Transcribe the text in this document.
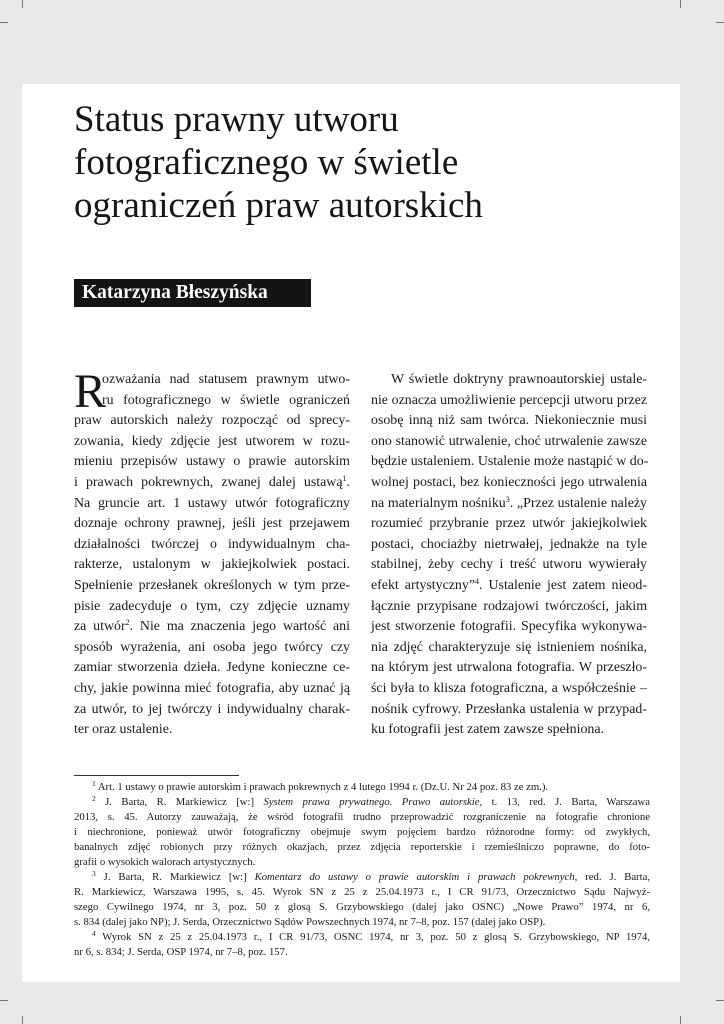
Status prawny utworu
fotograficznego w świetle
ograniczeń praw autorskich
Katarzyna Błeszyńska
R
ozważania nad statusem prawnym utwo-
ru fotograficznego w świetle ograniczeń
praw autorskich należy rozpocząć od sprecy-
zowania, kiedy zdjęcie jest utworem w rozu-
mieniu przepisów ustawy o prawie autorskim
i prawach pokrewnych, zwanej dalej ustawą$^1$.
Na gruncie art. 1 ustawy utwór fotograficzny
doznaje ochrony prawnej, jeśli jest przejawem
działalności twórczej o indywidualnym cha-
rakterze, ustalonym w jakiejkolwiek postaci.
Spełnienie przesłanek określonych w tym prze-
pisie zadecyduje o tym, czy zdjęcie uznamy
za utwór$^2$. Nie ma znaczenia jego wartość ani
sposób wyrażenia, ani osoba jego twórcy czy
zamiar stworzenia dzieła. Jedyne konieczne ce-
chy, jakie powinna mieć fotografia, aby uznać ją
za utwór, to jej twórczy i indywidualny charak-
ter oraz ustalenie.
W świetle doktryny prawnoautorskiej ustale-
nie oznacza umożliwienie percepcji utworu przez
osobę inną niż sam twórca. Niekoniecznie musi
ono stanowić utrwalenie, choć utrwalenie zawsze
będzie ustaleniem. Ustalenie może nastąpić w do-
wolnej postaci, bez konieczności jego utrwalenia
na materialnym nośniku$^3$. „Przez ustalenie należy
rozumieć przybranie przez utwór jakiejkolwiek
postaci, chociażby nietrwałej, jednakże na tyle
stabilnej, żeby cechy i treść utworu wywierały
efekt artystyczny”$^4$. Ustalenie jest zatem nieod-
łącznie przypisane rodzajowi twórczości, jakim
jest stworzenie fotografii. Specyfika wykonywa-
nia zdjęć charakteryzuje się istnieniem nośnika,
na którym jest utrwalona fotografia. W przeszło-
ści była to klisza fotograficzna, a współcześnie –
nośnik cyfrowy. Przesłanka ustalenia w przypad-
ku fotografii jest zatem zawsze spełniona.
$^1$ Art. 1 ustawy o prawie autorskim i prawach pokrewnych z 4 lutego 1994 r. (Dz.U. Nr 24 poz. 83 ze zm.).
$^2$ J. Barta, R. Markiewicz [w:] System prawa prywatnego. Prawo autorskie, t. 13, red. J. Barta, Warszawa
2013, s. 45. Autorzy zauważają, że wśród fotografii trudno przeprowadzić rozgraniczenie na fotografie chronione
i niechronione, ponieważ utwór fotograficzny obejmuje swym pojęciem bardzo różnorodne formy: od zwykłych,
banalnych zdjęć robionych przy różnych okazjach, przez zdjęcia reporterskie i rzemieślniczo poprawne, do foto-
grafii o wysokich walorach artystycznych.
$^3$ J. Barta, R. Markiewicz [w:] Komentarz do ustawy o prawie autorskim i prawach pokrewnych, red. J. Barta,
R. Markiewicz, Warszawa 1995, s. 45. Wyrok SN z 25 z 25.04.1973 r., I CR 91/73, Orzecznictwo Sądu Najwyż-
szego Cywilnego 1974, nr 3, poz. 50 z glosą S. Grzybowskiego (dalej jako OSNC) „Nowe Prawo” 1974, nr 6,
s. 834 (dalej jako NP); J. Serda, Orzecznictwo Sądów Powszechnych 1974, nr 7–8, poz. 157 (dalej jako OSP).
$^4$ Wyrok SN z 25 z 25.04.1973 r., I CR 91/73, OSNC 1974, nr 3, poz. 50 z glosą S. Grzybowskiego, NP 1974,
nr 6, s. 834; J. Serda, OSP 1974, nr 7–8, poz. 157.
